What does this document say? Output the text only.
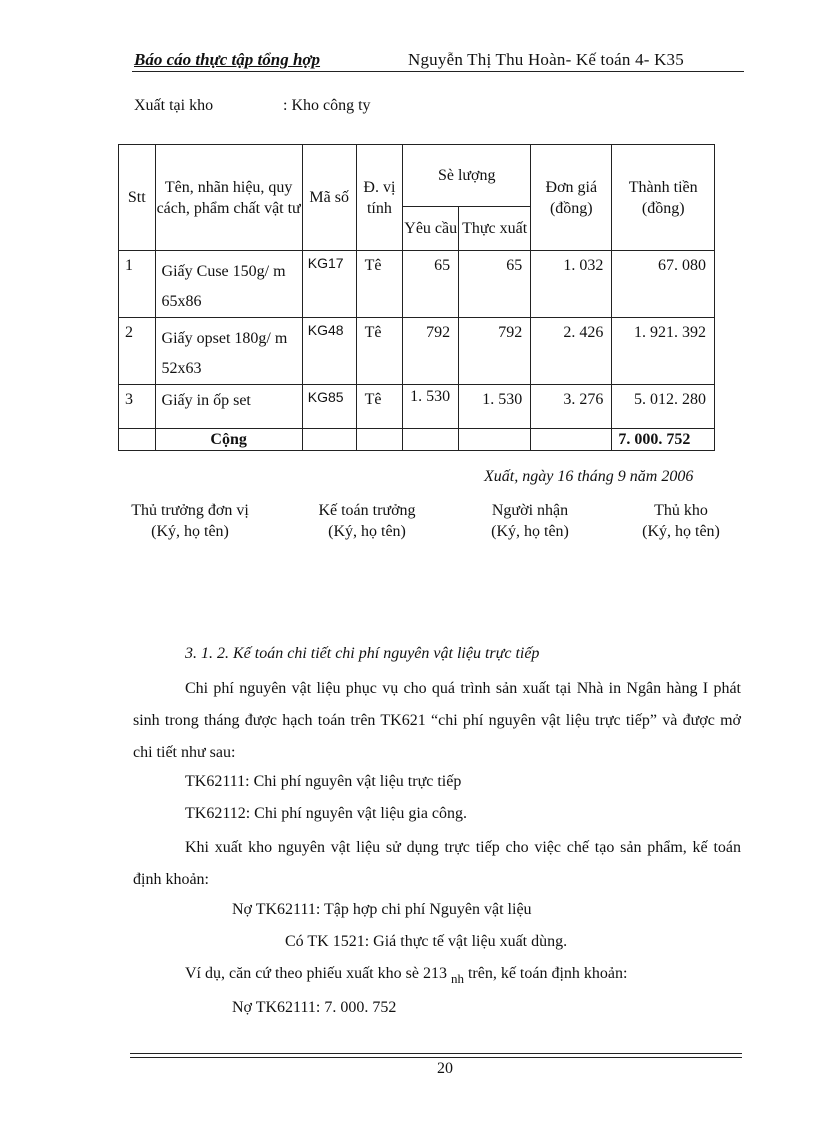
Báo cáo thực tập tổng hợp	Nguyễn Thị Thu Hoàn- Kế toán 4- K35
Xuất tại kho	: Kho công ty
Stt	Tên, nhãn hiệu, quy cách, phẩm chất vật tư	Mã số	Đ. vị tính	Sè lượng		Đơn giá (đồng)	Thành tiền (đồng)
				Yêu cầu	Thực xuất		
1	Giấy Cuse 150g/ m 65x86	KG17	Tê	65	65	1. 032	67. 080
2	Giấy opset 180g/ m 52x63	KG48	Tê	792	792	2. 426	1. 921. 392
3	Giấy in ốp set	KG85	Tê	1. 530	1. 530	3. 276	5. 012. 280
	Cộng						7. 000. 752
Xuất, ngày 16 tháng 9 năm 2006
Thủ trưởng đơn vị
(Ký, họ tên)
Kế toán trưởng
(Ký, họ tên)
Người nhận
(Ký, họ tên)
Thủ kho
(Ký, họ tên)
3. 1. 2. Kế toán chi tiết chi phí nguyên vật liệu trực tiếp
Chi phí nguyên vật liệu phục vụ cho quá trình sản xuất tại Nhà in Ngân hàng I phát sinh trong tháng được hạch toán trên TK621 “chi phí nguyên vật liệu trực tiếp” và được mở chi tiết như sau:
TK62111: Chi phí nguyên vật liệu trực tiếp
TK62112: Chi phí nguyên vật liệu gia công.
Khi xuất kho nguyên vật liệu sử dụng trực tiếp cho việc chế tạo sản phẩm, kế toán định khoản:
Nợ TK62111: Tập hợp chi phí Nguyên vật liệu
Có TK 1521: Giá thực tế vật liệu xuất dùng.
Ví dụ, căn cứ theo phiếu xuất kho sè 213 $_{nh}$ trên, kế toán định khoản:
Nợ TK62111: 7. 000. 752
20
